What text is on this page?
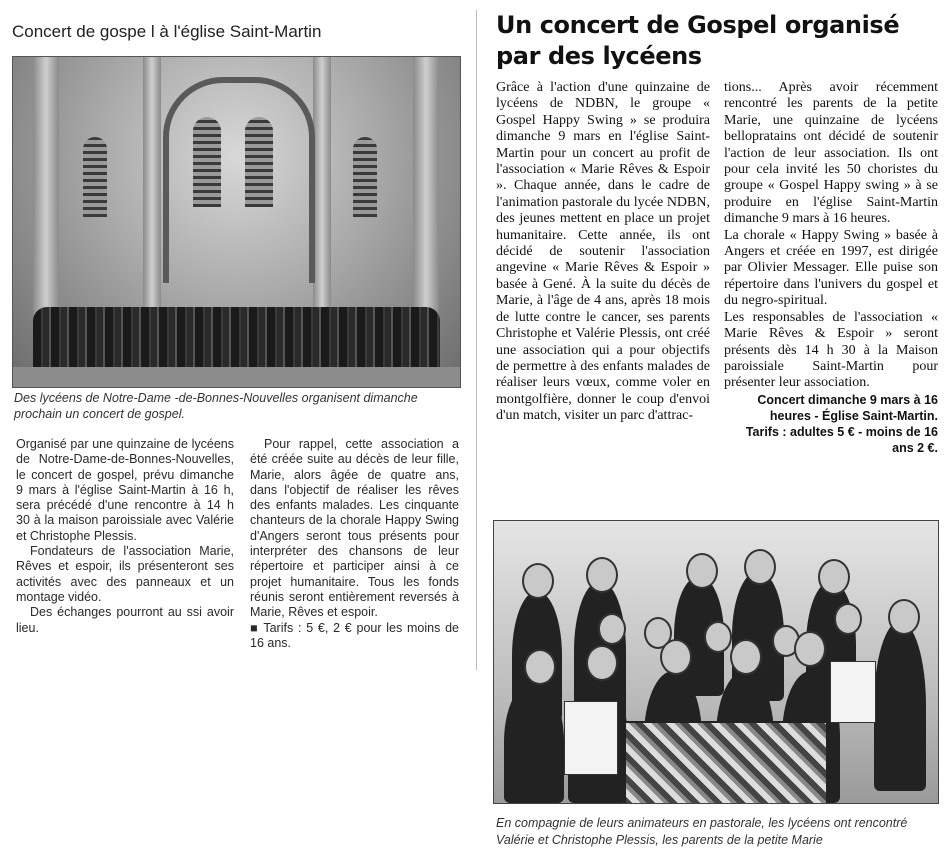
Concert de gospe l à l'église Saint-Martin
Des lycéens de Notre-Dame -de-Bonnes-Nouvelles organisent dimanche prochain un concert de gospel.

Organisé par une quinzaine de lycéens de Notre-Dame-de-Bonnes-Nouvelles, le concert de gospel, prévu dimanche 9 mars à l'église Saint-Martin à 16 h, sera précédé d'une rencontre à 14 h 30 à la maison paroissiale avec Valérie et Christophe Plessis.

Fondateurs de l'association Marie, Rêves et espoir, ils présenteront ses activités avec des panneaux et un montage vidéo.

Des échanges pourront au ssi avoir lieu.

Pour rappel, cette association a été créée suite au décès de leur fille, Marie, alors âgée de quatre ans, dans l'objectif de réaliser les rêves des enfants malades. Les cinquante chanteurs de la chorale Happy Swing d'Angers seront tous présents pour interpréter des chansons de leur répertoire et participer ainsi à ce projet humanitaire. Tous les fonds réunis seront entièrement reversés à Marie, Rêves et espoir.

■ Tarifs : 5 €, 2 € pour les moins de 16 ans.

Un concert de Gospel organisé par des lycéens

Grâce à l'action d'une quinzaine de lycéens de NDBN, le groupe « Gospel Happy Swing » se produira dimanche 9 mars en l'église Saint-Martin pour un concert au profit de l'association « Marie Rêves & Espoir ». Chaque année, dans le cadre de l'animation pastorale du lycée NDBN, des jeunes mettent en place un projet humanitaire. Cette année, ils ont décidé de soutenir l'association angevine « Marie Rêves & Espoir » basée à Gené. À la suite du décès de Marie, à l'âge de 4 ans, après 18 mois de lutte contre le cancer, ses parents Christophe et Valérie Plessis, ont créé une association qui a pour objectifs de permettre à des enfants malades de réaliser leurs vœux, comme voler en montgolfière, donner le coup d'envoi d'un match, visiter un parc d'attrac-

tions... Après avoir récemment rencontré les parents de la petite Marie, une quinzaine de lycéens bellopratains ont décidé de soutenir l'action de leur association. Ils ont pour cela invité les 50 choristes du groupe « Gospel Happy swing » à se produire en l'église Saint-Martin dimanche 9 mars à 16 heures.

La chorale « Happy Swing » basée à Angers et créée en 1997, est dirigée par Olivier Messager. Elle puise son répertoire dans l'univers du gospel et du negro-spiritual.

Les responsables de l'association « Marie Rêves & Espoir » seront présents dès 14 h 30 à la Maison paroissiale Saint-Martin pour présenter leur association.

Concert dimanche 9 mars à 16 heures - Église Saint-Martin.
Tarifs : adultes 5 € - moins de 16 ans 2 €.
En compagnie de leurs animateurs en pastorale, les lycéens ont rencontré Valérie et Christophe Plessis, les parents de la petite Marie
